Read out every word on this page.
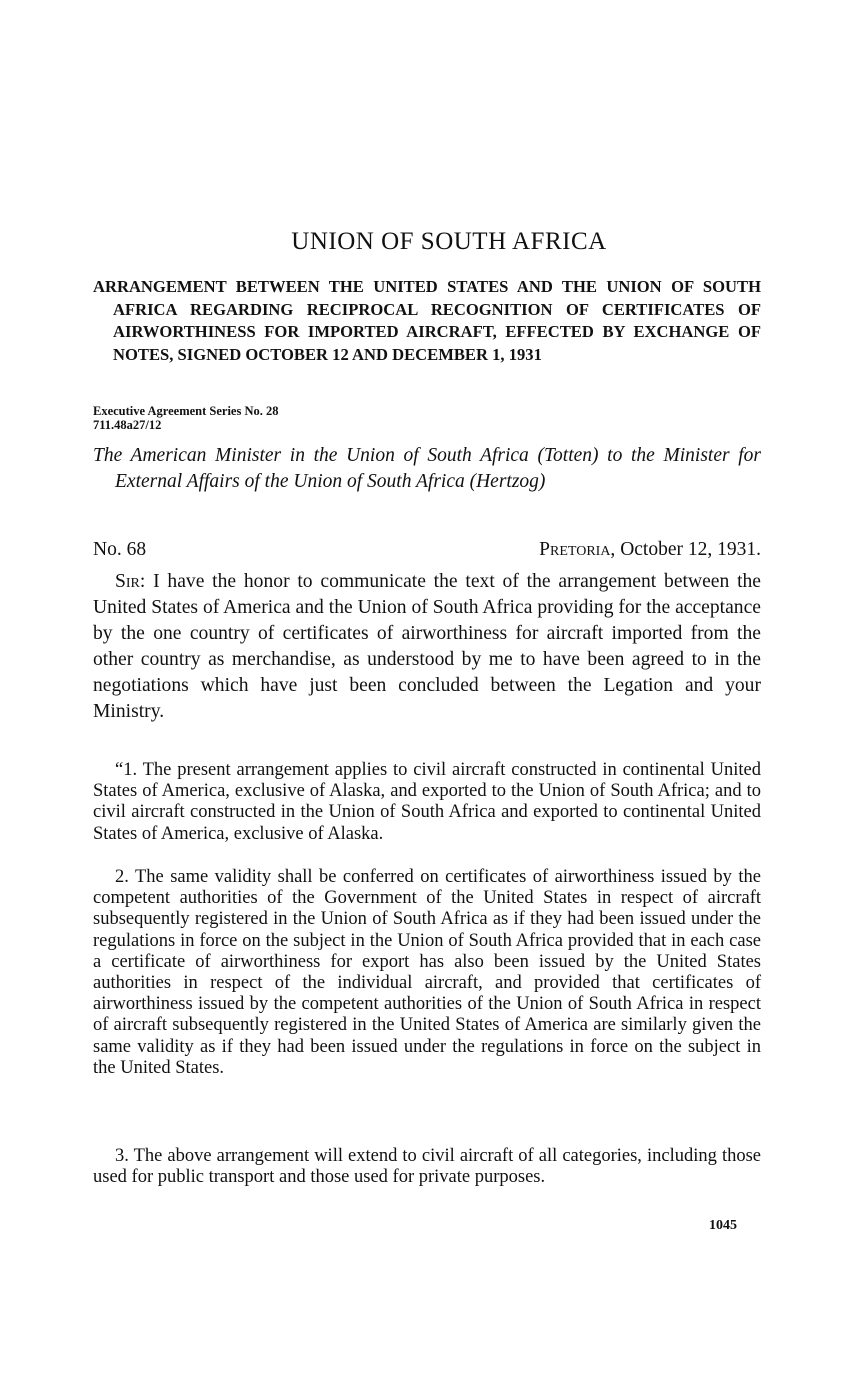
UNION OF SOUTH AFRICA
ARRANGEMENT BETWEEN THE UNITED STATES AND THE UNION OF SOUTH AFRICA REGARDING RECIPROCAL RECOGNITION OF CERTIFICATES OF AIRWORTHINESS FOR IMPORTED AIRCRAFT, EFFECTED BY EXCHANGE OF NOTES, SIGNED OCTOBER 12 AND DECEMBER 1, 1931
Executive Agreement Series No. 28
711.48a27/12
The American Minister in the Union of South Africa (Totten) to the Minister for External Affairs of the Union of South Africa (Hertzog)
No. 68	Pretoria, October 12, 1931.

Sir: I have the honor to communicate the text of the arrangement between the United States of America and the Union of South Africa providing for the acceptance by the one country of certificates of airworthiness for aircraft imported from the other country as merchandise, as understood by me to have been agreed to in the negotiations which have just been concluded between the Legation and your Ministry.

“1. The present arrangement applies to civil aircraft constructed in continental United States of America, exclusive of Alaska, and exported to the Union of South Africa; and to civil aircraft constructed in the Union of South Africa and exported to continental United States of America, exclusive of Alaska.

2. The same validity shall be conferred on certificates of airworthiness issued by the competent authorities of the Government of the United States in respect of aircraft subsequently registered in the Union of South Africa as if they had been issued under the regulations in force on the subject in the Union of South Africa provided that in each case a certificate of airworthiness for export has also been issued by the United States authorities in respect of the individual aircraft, and provided that certificates of airworthiness issued by the competent authorities of the Union of South Africa in respect of aircraft subsequently registered in the United States of America are similarly given the same validity as if they had been issued under the regulations in force on the subject in the United States.

3. The above arrangement will extend to civil aircraft of all categories, including those used for public transport and those used for private purposes.

1045
